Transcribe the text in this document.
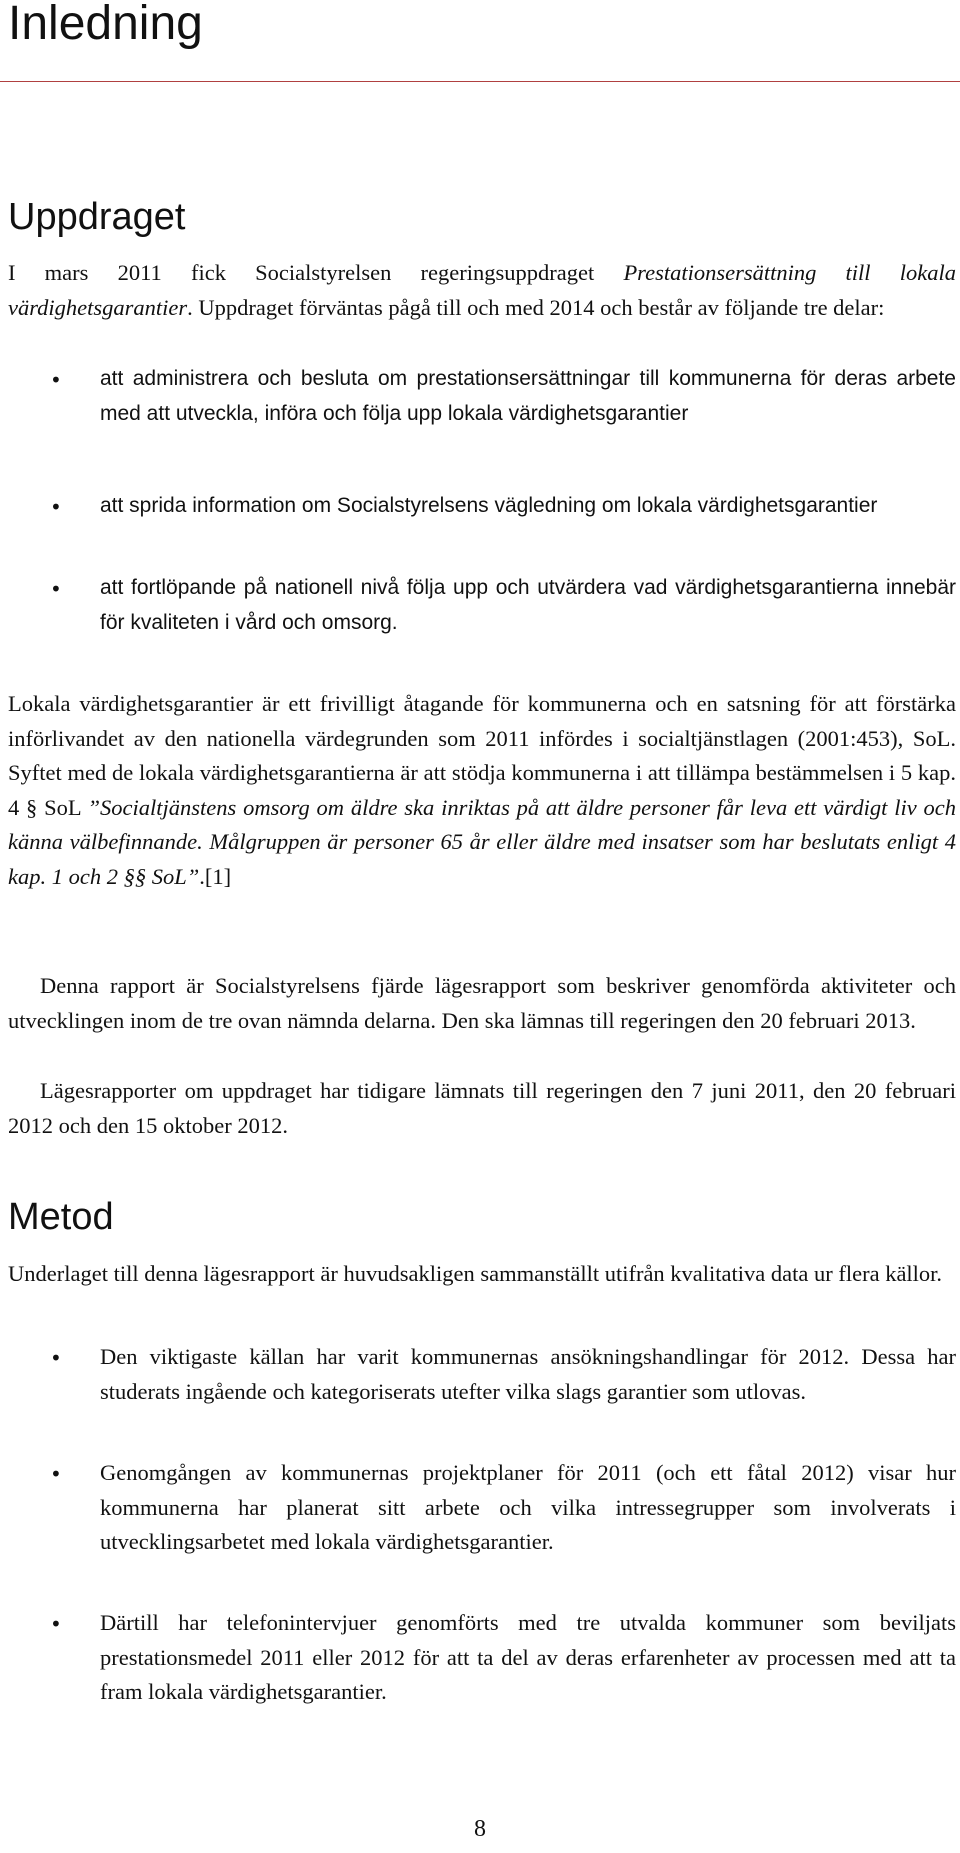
Inledning
Uppdraget

I mars 2011 fick Socialstyrelsen regeringsuppdraget Prestationsersättning till lokala värdighetsgarantier. Uppdraget förväntas pågå till och med 2014 och består av följande tre delar:

• att administrera och besluta om prestationsersättningar till kommunerna för deras arbete med att utveckla, införa och följa upp lokala värdighetsgarantier

• att sprida information om Socialstyrelsens vägledning om lokala värdighetsgarantier

• att fortlöpande på nationell nivå följa upp och utvärdera vad värdighetsgarantierna innebär för kvaliteten i vård och omsorg.

Lokala värdighetsgarantier är ett frivilligt åtagande för kommunerna och en satsning för att förstärka införlivandet av den nationella värdegrunden som 2011 infördes i socialtjänstlagen (2001:453), SoL. Syftet med de lokala värdighetsgarantierna är att stödja kommunerna i att tillämpa bestämmelsen i 5 kap. 4 § SoL ”Socialtjänstens omsorg om äldre ska inriktas på att äldre personer får leva ett värdigt liv och känna välbefinnande. Målgruppen är personer 65 år eller äldre med insatser som har beslutats enligt 4 kap. 1 och 2 §§ SoL”.[1]

Denna rapport är Socialstyrelsens fjärde lägesrapport som beskriver genomförda aktiviteter och utvecklingen inom de tre ovan nämnda delarna. Den ska lämnas till regeringen den 20 februari 2013.

Lägesrapporter om uppdraget har tidigare lämnats till regeringen den 7 juni 2011, den 20 februari 2012 och den 15 oktober 2012.

Metod

Underlaget till denna lägesrapport är huvudsakligen sammanställt utifrån kvalitativa data ur flera källor.

• Den viktigaste källan har varit kommunernas ansökningshandlingar för 2012. Dessa har studerats ingående och kategoriserats utefter vilka slags garantier som utlovas.

• Genomgången av kommunernas projektplaner för 2011 (och ett fåtal 2012) visar hur kommunerna har planerat sitt arbete och vilka intressegrupper som involverats i utvecklingsarbetet med lokala värdighetsgarantier.

• Därtill har telefonintervjuer genomförts med tre utvalda kommuner som beviljats prestationsmedel 2011 eller 2012 för att ta del av deras erfarenheter av processen med att ta fram lokala värdighetsgarantier.

8
